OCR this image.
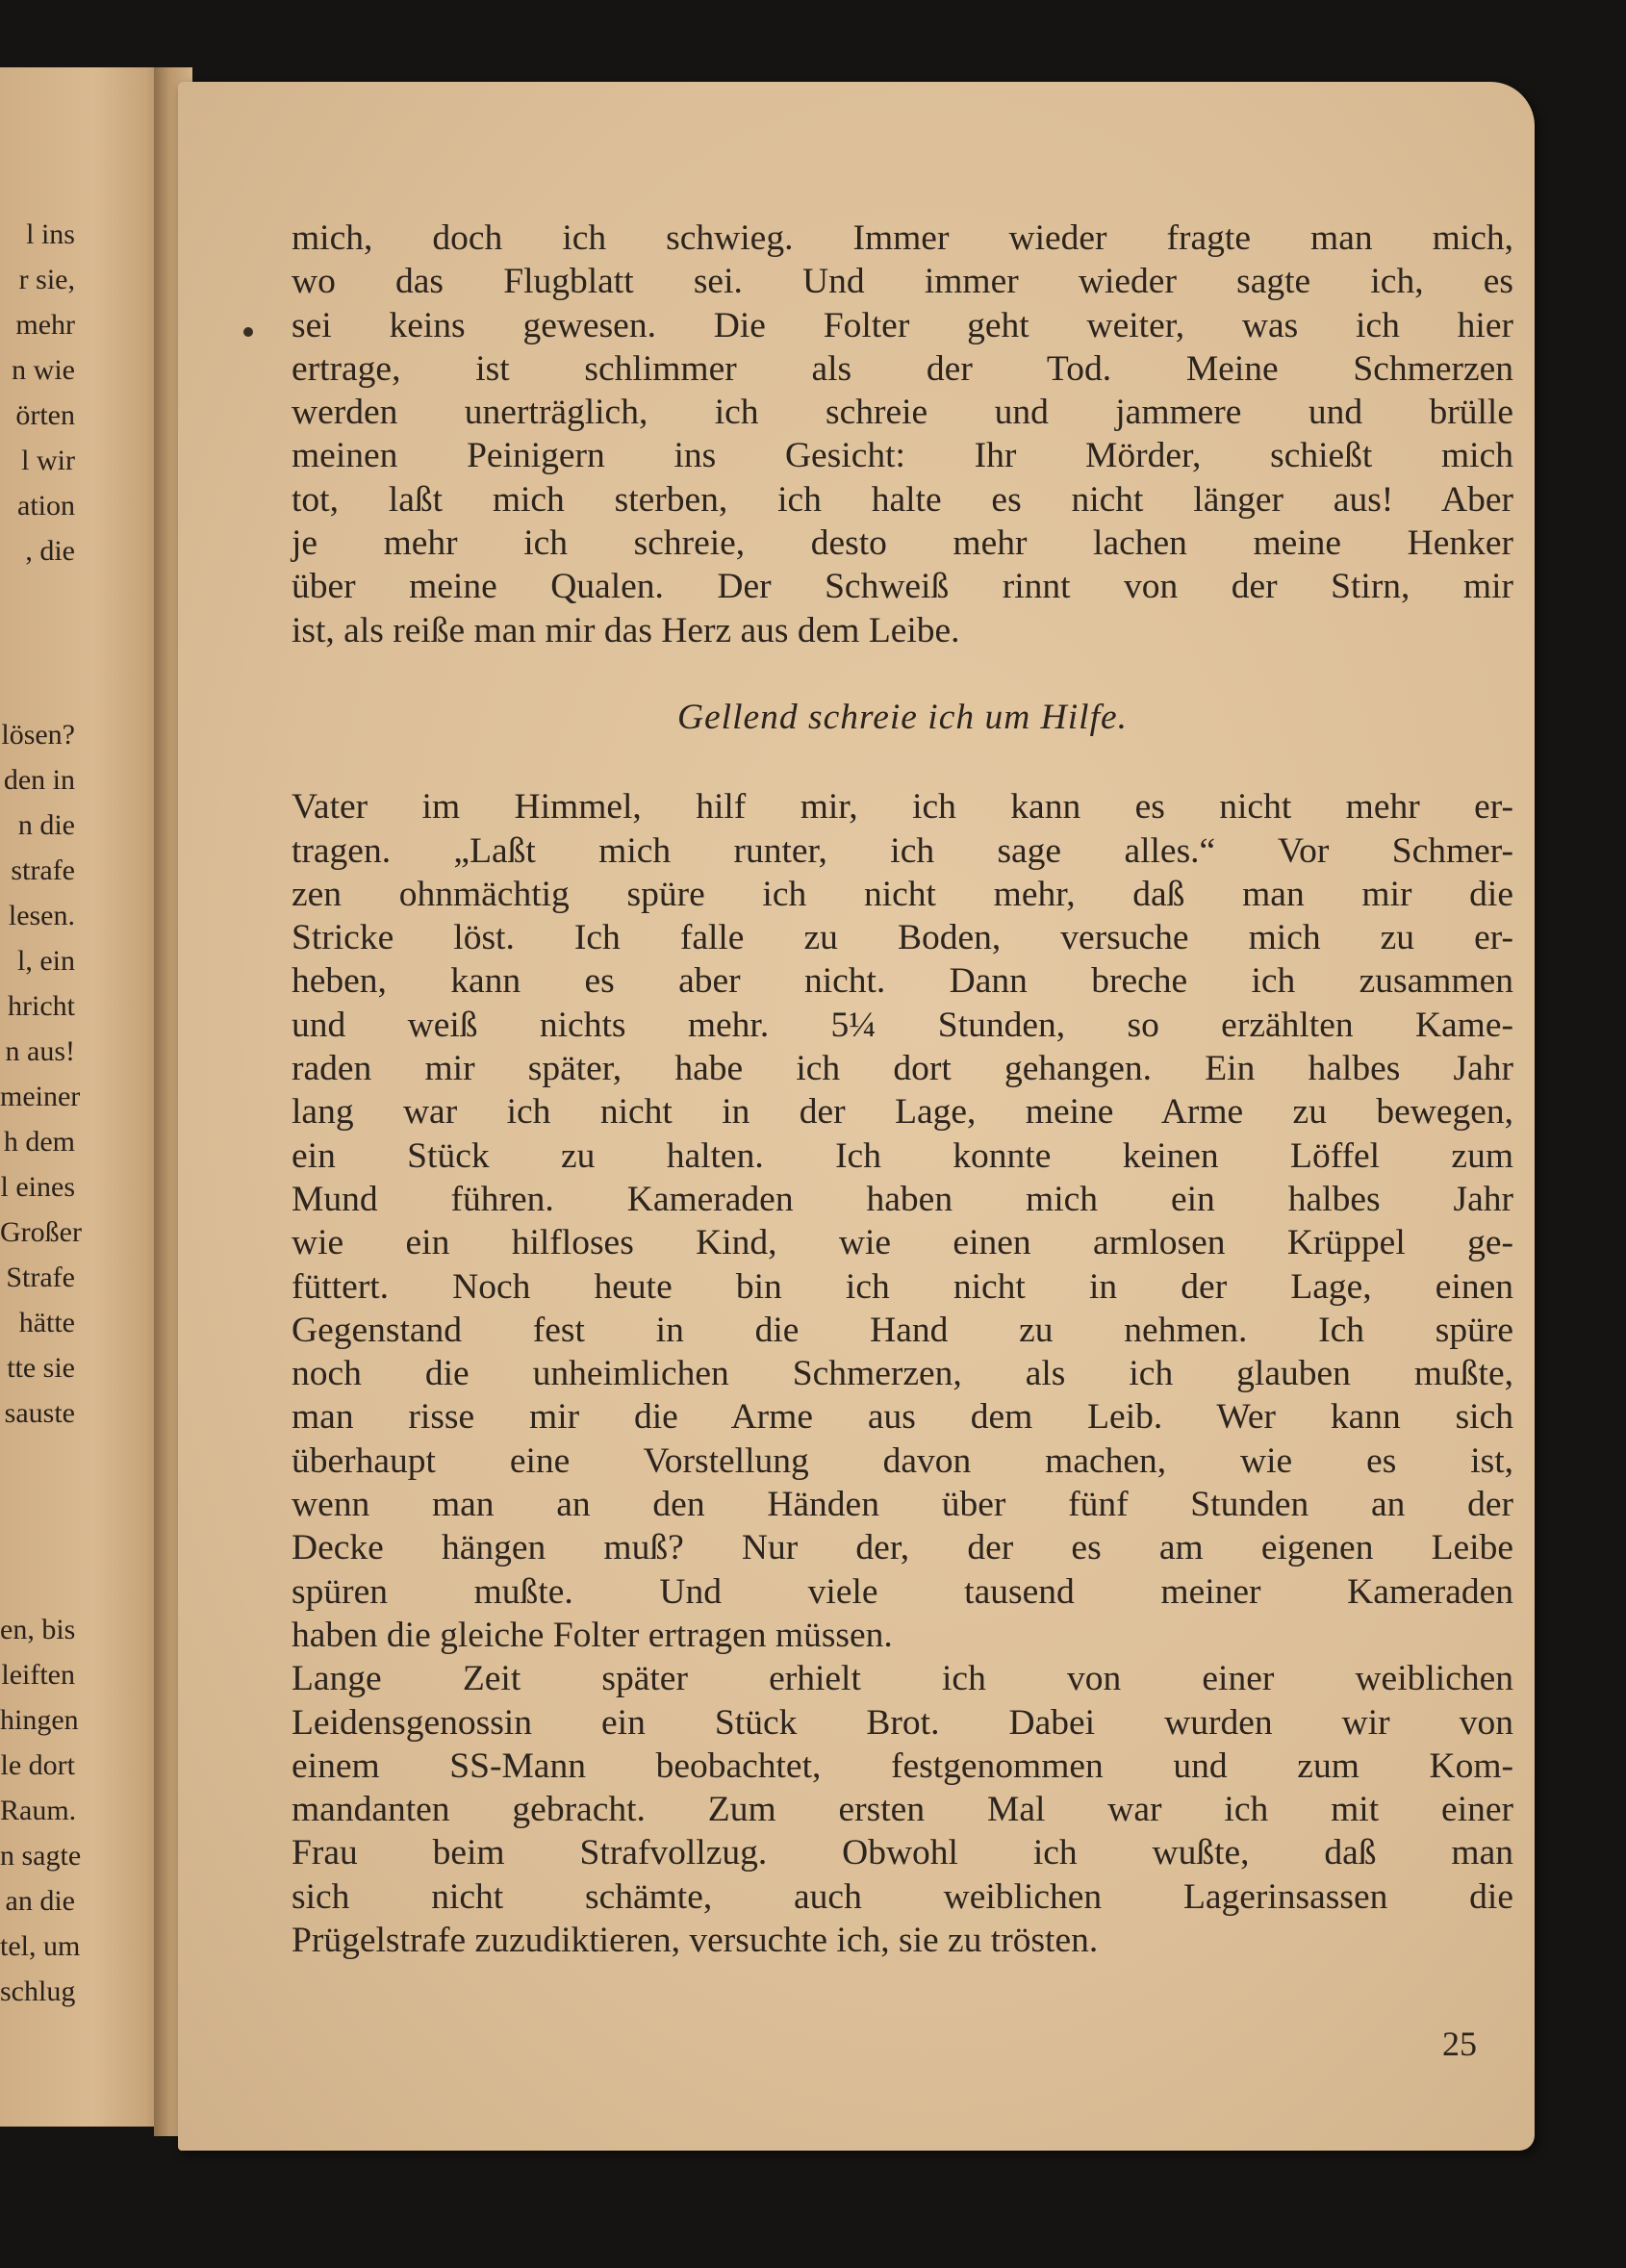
l ins
r sie,
mehr
n wie
örten
l wir
ation
, die
lösen?
den in
n die
strafe
lesen.
l, ein
hricht
n aus!
meiner
h dem
l eines
Großer
Strafe
hätte
tte sie
sauste
en, bis
leiften
hingen
le dort
Raum.
n sagte
an die
tel, um
schlug
mich, doch ich schwieg. Immer wieder fragte man mich,
wo das Flugblatt sei. Und immer wieder sagte ich, es
sei keins gewesen. Die Folter geht weiter, was ich hier
ertrage, ist schlimmer als der Tod. Meine Schmerzen
werden unerträglich, ich schreie und jammere und brülle
meinen Peinigern ins Gesicht: Ihr Mörder, schießt mich
tot, laßt mich sterben, ich halte es nicht länger aus! Aber
je mehr ich schreie, desto mehr lachen meine Henker
über meine Qualen. Der Schweiß rinnt von der Stirn, mir
ist, als reiße man mir das Herz aus dem Leibe.
Gellend schreie ich um Hilfe.
Vater im Himmel, hilf mir, ich kann es nicht mehr er-
tragen. „Laßt mich runter, ich sage alles.“ Vor Schmer-
zen ohnmächtig spüre ich nicht mehr, daß man mir die
Stricke löst. Ich falle zu Boden, versuche mich zu er-
heben, kann es aber nicht. Dann breche ich zusammen
und weiß nichts mehr. 5¼ Stunden, so erzählten Kame-
raden mir später, habe ich dort gehangen. Ein halbes Jahr
lang war ich nicht in der Lage, meine Arme zu bewegen,
ein Stück zu halten. Ich konnte keinen Löffel zum
Mund führen. Kameraden haben mich ein halbes Jahr
wie ein hilfloses Kind, wie einen armlosen Krüppel ge-
füttert. Noch heute bin ich nicht in der Lage, einen
Gegenstand fest in die Hand zu nehmen. Ich spüre
noch die unheimlichen Schmerzen, als ich glauben mußte,
man risse mir die Arme aus dem Leib. Wer kann sich
überhaupt eine Vorstellung davon machen, wie es ist,
wenn man an den Händen über fünf Stunden an der
Decke hängen muß? Nur der, der es am eigenen Leibe
spüren mußte. Und viele tausend meiner Kameraden
haben die gleiche Folter ertragen müssen.
Lange Zeit später erhielt ich von einer weiblichen
Leidensgenossin ein Stück Brot. Dabei wurden wir von
einem SS-Mann beobachtet, festgenommen und zum Kom-
mandanten gebracht. Zum ersten Mal war ich mit einer
Frau beim Strafvollzug. Obwohl ich wußte, daß man
sich nicht schämte, auch weiblichen Lagerinsassen die
Prügelstrafe zuzudiktieren, versuchte ich, sie zu trösten.
25
